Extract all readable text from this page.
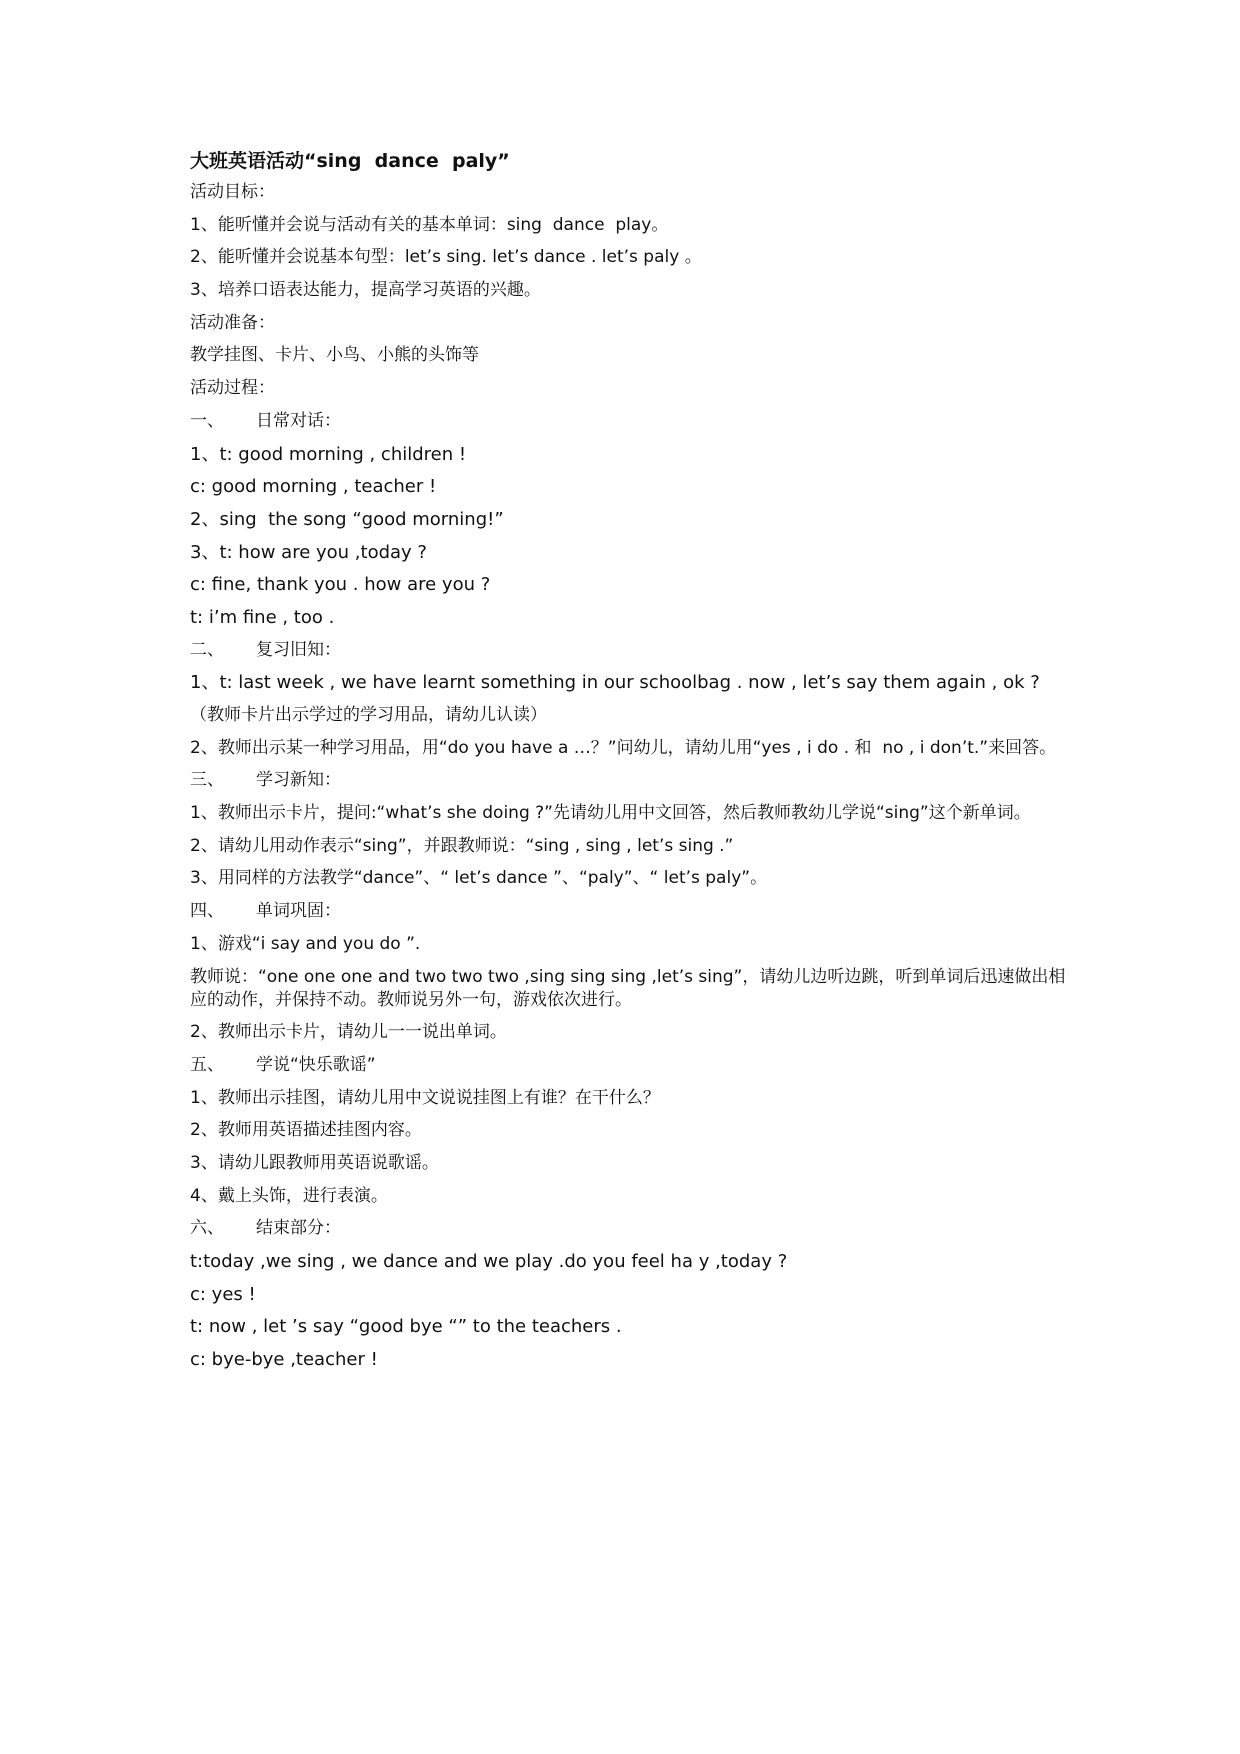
大班英语活动“sing  dance  paly”
活动目标：
1、能听懂并会说与活动有关的基本单词：sing  dance  play。
2、能听懂并会说基本句型：let’s sing. let’s dance . let’s paly 。
3、培养口语表达能力，提高学习英语的兴趣。
活动准备：
教学挂图、卡片、小鸟、小熊的头饰等
活动过程：
一、	日常对话：
1、t: good morning , children !
c: good morning , teacher !
2、sing  the song “good morning!”
3、t: how are you ,today ?
c: fine, thank you . how are you ?
t: i’m fine , too .
二、	复习旧知：
1、t: last week , we have learnt something in our schoolbag . now , let’s say them again , ok ?
（教师卡片出示学过的学习用品，请幼儿认读）
2、教师出示某一种学习用品，用“do you have a …？”问幼儿，请幼儿用“yes , i do . 和  no , i don’t.”来回答。
三、	学习新知：
1、教师出示卡片，提问:“what’s she doing ?”先请幼儿用中文回答，然后教师教幼儿学说“sing”这个新单词。
2、请幼儿用动作表示“sing”，并跟教师说：“sing , sing , let’s sing .”
3、用同样的方法教学“dance”、“ let’s dance ”、“paly”、“ let’s paly”。
四、	单词巩固：
1、游戏“i say and you do ”.
教师说：“one one one and two two two ,sing sing sing ,let’s sing”，请幼儿边听边跳，听到单词后迅速做出相应的动作，并保持不动。教师说另外一句，游戏依次进行。
2、教师出示卡片，请幼儿一一说出单词。
五、	学说“快乐歌谣”
1、教师出示挂图，请幼儿用中文说说挂图上有谁？在干什么？
2、教师用英语描述挂图内容。
3、请幼儿跟教师用英语说歌谣。
4、戴上头饰，进行表演。
六、	结束部分：
t:today ,we sing , we dance and we play .do you feel ha y ,today ?
c: yes !
t: now , let ’s say “good bye “” to the teachers .
c: bye-bye ,teacher !
